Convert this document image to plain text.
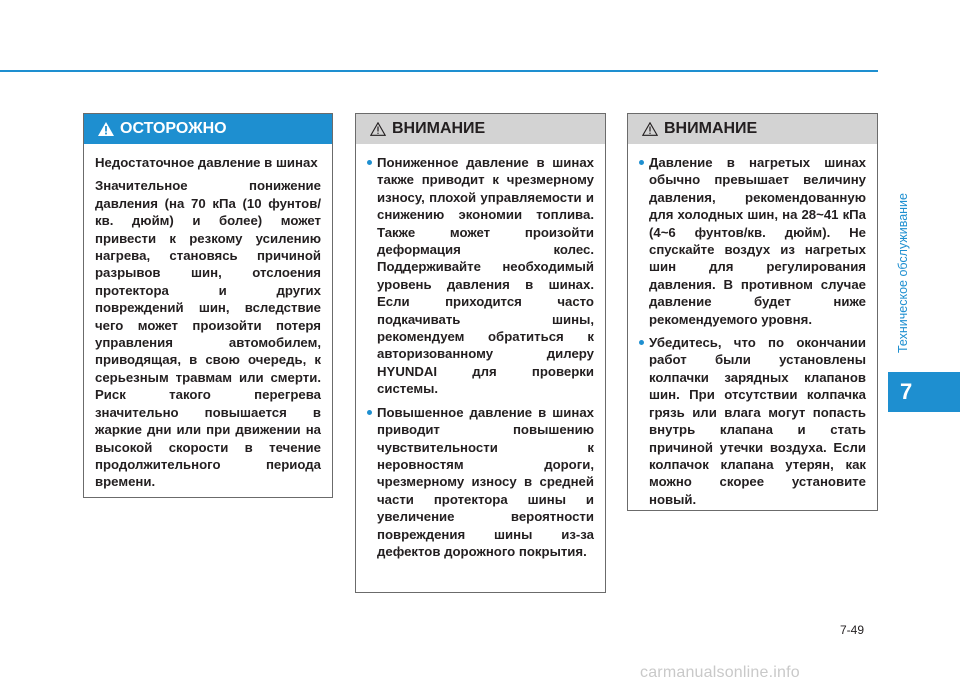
Техническое обслуживание
7
ОСТОРОЖНО

Недостаточное давление в шинах

Значительное понижение давления (на 70 кПа (10 фунтов/кв. дюйм) и более) может привести к резкому усилению нагрева, становясь причиной разрывов шин, отслоения протектора и других повреждений шин, вследствие чего может произойти потеря управления автомобилем, приводящая, в свою очередь, к серьезным травмам или смерти. Риск такого перегрева значительно повышается в жаркие дни или при движении на высокой скорости в течение продолжительного периода времени.

ВНИМАНИЕ
Пониженное давление в шинах также приводит к чрезмерному износу, плохой управляемости и снижению экономии топлива. Также может произойти деформация колес. Поддерживайте необходимый уровень давления в шинах. Если приходится часто подкачивать шины, рекомендуем обратиться к авторизованному дилеру HYUNDAI для проверки системы.
Повышенное давление в шинах приводит повышению чувствительности к неровностям дороги, чрезмерному износу в средней части протектора шины и увеличение вероятности повреждения шины из-за дефектов дорожного покрытия.
ВНИМАНИЕ
Давление в нагретых шинах обычно превышает величину давления, рекомендованную для холодных шин, на 28~41 кПа (4~6 фунтов/кв. дюйм). Не спускайте воздух из нагретых шин для регулирования давления. В противном случае давление будет ниже рекомендуемого уровня.
Убедитесь, что по окончании работ были установлены колпачки зарядных клапанов шин. При отсутствии колпачка грязь или влага могут попасть внутрь клапана и стать причиной утечки воздуха. Если колпачок клапана утерян, как можно скорее установите новый.
7-49
carmanualsonline.info
